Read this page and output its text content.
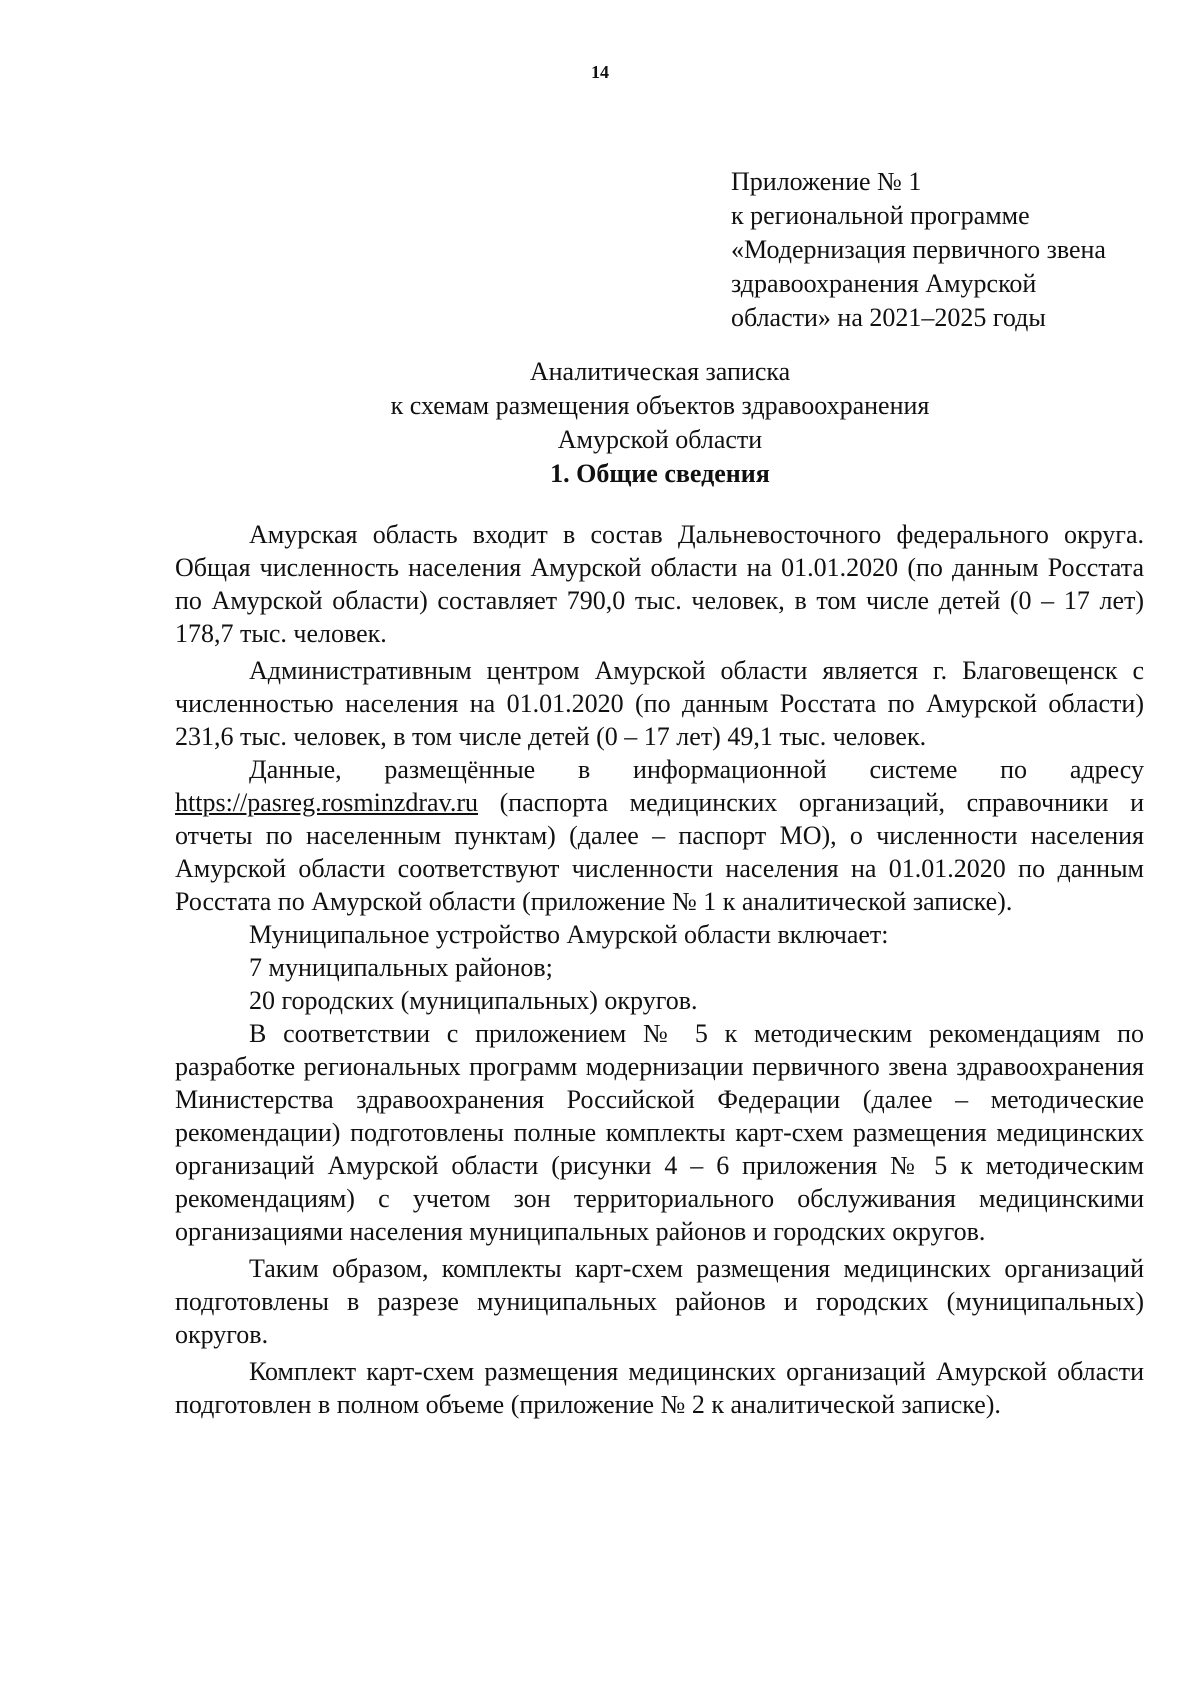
14
Приложение № 1
к региональной программе
«Модернизация первичного звена
здравоохранения Амурской
области» на 2021–2025 годы
Аналитическая записка
к схемам размещения объектов здравоохранения
Амурской области
1. Общие сведения

Амурская область входит в состав Дальневосточного федерального округа. Общая численность населения Амурской области на 01.01.2020 (по данным Росстата по Амурской области) составляет 790,0 тыс. человек, в том числе детей (0 – 17 лет) 178,7 тыс. человек.

Административным центром Амурской области является г. Благовещенск с численностью населения на 01.01.2020 (по данным Росстата по Амурской области) 231,6 тыс. человек, в том числе детей (0 – 17 лет) 49,1 тыс. человек.

Данные, размещённые в информационной системе по адресу https://pasreg.rosminzdrav.ru (паспорта медицинских организаций, справочники и отчеты по населенным пунктам) (далее – паспорт МО), о численности населения Амурской области соответствуют численности населения на 01.01.2020 по данным Росстата по Амурской области (приложение № 1 к аналитической записке).

Муниципальное устройство Амурской области включает:

7 муниципальных районов;

20 городских (муниципальных) округов.

В соответствии с приложением № 5 к методическим рекомендациям по разработке региональных программ модернизации первичного звена здравоохранения Министерства здравоохранения Российской Федерации (далее – методические рекомендации) подготовлены полные комплекты карт-схем размещения медицинских организаций Амурской области (рисунки 4 – 6 приложения № 5 к методическим рекомендациям) с учетом зон территориального обслуживания медицинскими организациями населения муниципальных районов и городских округов.

Таким образом, комплекты карт-схем размещения медицинских организаций подготовлены в разрезе муниципальных районов и городских (муниципальных) округов.

Комплект карт-схем размещения медицинских организаций Амурской области подготовлен в полном объеме (приложение № 2 к аналитической записке).
